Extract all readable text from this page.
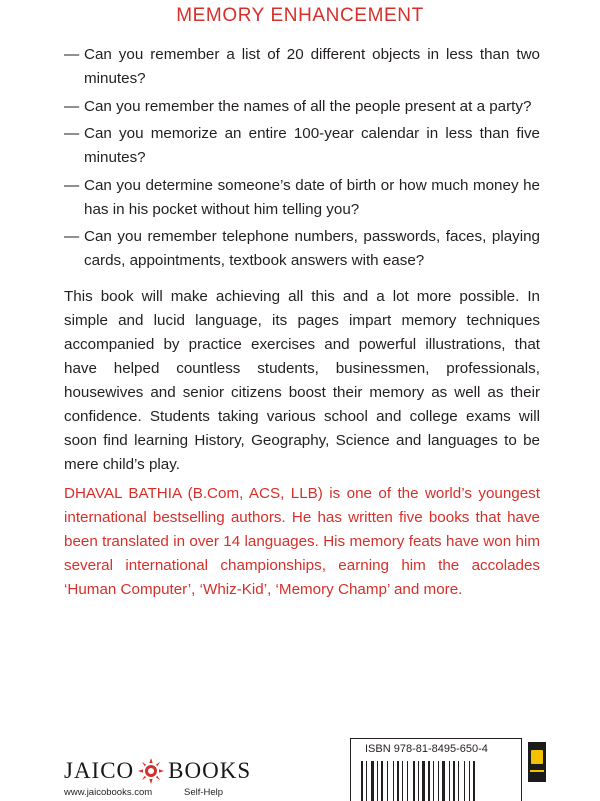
MEMORY ENHANCEMENT
— Can you remember a list of 20 different objects in less than two minutes?
— Can you remember the names of all the people present at a party?
— Can you memorize an entire 100-year calendar in less than five minutes?
— Can you determine someone’s date of birth or how much money he has in his pocket without him telling you?
— Can you remember telephone numbers, passwords, faces, playing cards, appointments, textbook answers with ease?
This book will make achieving all this and a lot more possible. In simple and lucid language, its pages impart memory techniques accompanied by practice exercises and powerful illustrations, that have helped countless students, businessmen, professionals, housewives and senior citizens boost their memory as well as their confidence. Students taking various school and college exams will soon find learning History, Geography, Science and languages to be mere child’s play.
DHAVAL BATHIA (B.Com, ACS, LLB) is one of the world’s youngest international bestselling authors. He has written five books that have been translated in over 14 languages. His memory feats have won him several international championships, earning him the accolades ‘Human Computer’, ‘Whiz-Kid’, ‘Memory Champ’ and more.
JAICO BOOKS
www.jaicobooks.com	Self-Help
ISBN 978-81-8495-650-4
